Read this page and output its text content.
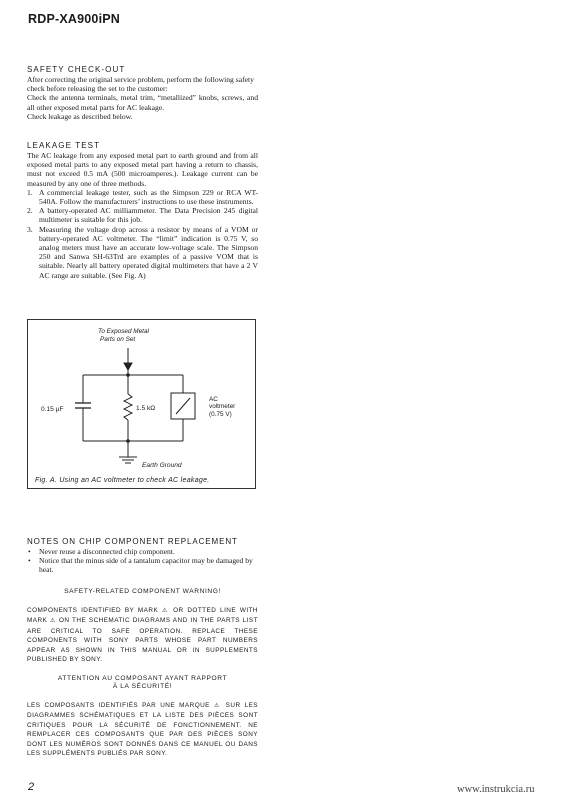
RDP-XA900iPN

SAFETY CHECK-OUT

After correcting the original service problem, perform the following safety check before releasing the set to the customer:

Check the antenna terminals, metal trim, “metallized” knobs, screws, and all other exposed metal parts for AC leakage.

Check leakage as described below.

LEAKAGE TEST

The AC leakage from any exposed metal part to earth ground and from all exposed metal parts to any exposed metal part having a return to chassis, must not exceed 0.5 mA (500 microamperes.). Leakage current can be measured by any one of three methods.

1. A commercial leakage tester, such as the Simpson 229 or RCA WT-540A. Follow the manufacturers’ instructions to use these instruments.
2. A battery-operated AC milliammeter. The Data Precision 245 digital multimeter is suitable for this job.
3. Measuring the voltage drop across a resistor by means of a VOM or battery-operated AC voltmeter. The “limit” indication is 0.75 V, so analog meters must have an accurate low-voltage scale. The Simpson 250 and Sanwa SH-63Trd are examples of a passive VOM that is suitable. Nearly all battery operated digital multimeters that have a 2 V AC range are suitable. (See Fig. A)
To Exposed Metal
Parts on Set
0.15 µF	1.5 kΩ
AC
voltmeter
(0.75 V)
Earth Ground
Fig. A. Using an AC voltmeter to check AC leakage.

NOTES ON CHIP COMPONENT REPLACEMENT

• Never reuse a disconnected chip component.
• Notice that the minus side of a tantalum capacitor may be damaged by heat.

SAFETY-RELATED COMPONENT WARNING!

COMPONENTS IDENTIFIED BY MARK ⚠ OR DOTTED LINE WITH MARK ⚠ ON THE SCHEMATIC DIAGRAMS AND IN THE PARTS LIST ARE CRITICAL TO SAFE OPERATION. REPLACE THESE COMPONENTS WITH SONY PARTS WHOSE PART NUMBERS APPEAR AS SHOWN IN THIS MANUAL OR IN SUPPLEMENTS PUBLISHED BY SONY.

ATTENTION AU COMPOSANT AYANT RAPPORT

À LA SÉCURITÉ!

LES COMPOSANTS IDENTIFIÉS PAR UNE MARQUE ⚠ SUR LES DIAGRAMMES SCHÉMATIQUES ET LA LISTE DES PIÈCES SONT CRITIQUES POUR LA SÉCURITÉ DE FONCTIONNEMENT. NE REMPLACER CES COMPOSANTS QUE PAR DES PIÈCES SONY DONT LES NUMÉROS SONT DONNÉS DANS CE MANUEL OU DANS LES SUPPLÉMENTS PUBLIÉS PAR SONY.

2	www.instrukcia.ru
